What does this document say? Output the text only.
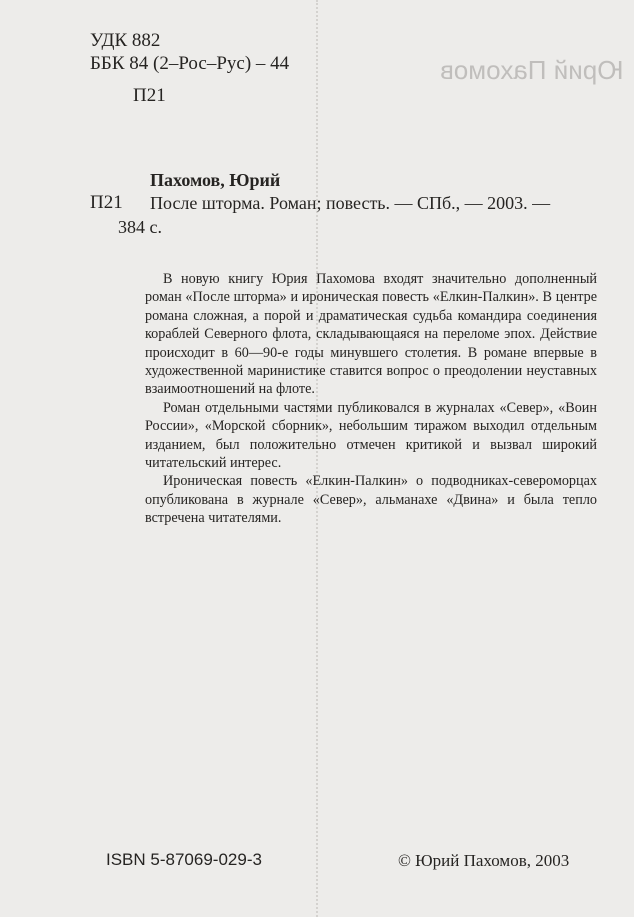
Юрий Пахомов
УДК 882
ББК 84 (2–Рос–Рус) – 44
П21
Пахомов, Юрий
П21 После шторма. Роман; повесть. — СПб., — 2003. —
384 с.

В новую книгу Юрия Пахомова входят значительно дополненный роман «После шторма» и ироническая повесть «Елкин-Палкин». В центре романа сложная, а порой и драматическая судьба командира соединения кораблей Северного флота, складывающаяся на переломе эпох. Действие происходит в 60—90-е годы минувшего столетия. В романе впервые в художественной маринистике ставится вопрос о преодолении неуставных взаимоотношений на флоте.

Роман отдельными частями публиковался в журналах «Север», «Воин России», «Морской сборник», небольшим тиражом выходил отдельным изданием, был положительно отмечен критикой и вызвал широкий читательский интерес.

Ироническая повесть «Елкин-Палкин» о подводниках-североморцах опубликована в журнале «Север», альманахе «Двина» и была тепло встречена читателями.

ISBN 5-87069-029-3	© Юрий Пахомов, 2003
